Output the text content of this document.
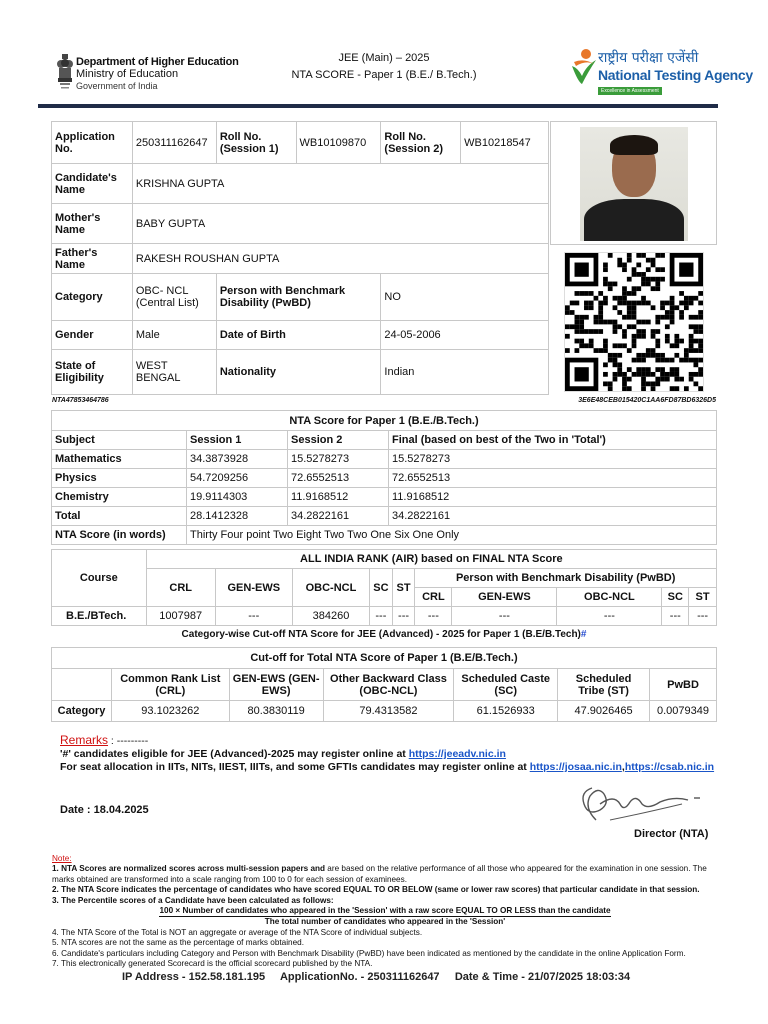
Department of Higher Education
Ministry of Education
Government of India
JEE (Main) – 2025
NTA SCORE - Paper 1 (B.E./ B.Tech.)
राष्ट्रीय परीक्षा एजेंसी
National Testing Agency
Excellence in Assessment
Application No.	250311162647	Roll No. (Session 1)	WB10109870	Roll No. (Session 2)	WB10218547
Candidate's Name	KRISHNA GUPTA				
Mother's Name	BABY GUPTA				
Father's Name	RAKESH ROUSHAN GUPTA				
Category	OBC- NCL (Central List)	Person with Benchmark Disability (PwBD)		NO	
Gender	Male	Date of Birth		24-05-2006	
State of Eligibility	WEST BENGAL	Nationality		Indian	
NTA47853464786	3E6E48CEB015420C1AA6FD87BD6326D5
NTA Score for Paper 1 (B.E./B.Tech.)			
Subject	Session 1	Session 2	Final (based on best of the Two in 'Total')
Mathematics	34.3873928	15.5278273	15.5278273
Physics	54.7209256	72.6552513	72.6552513
Chemistry	19.9114303	11.9168512	11.9168512
Total	28.1412328	34.2822161	34.2822161
NTA Score (in words)	Thirty Four point Two Eight Two Two One Six One Only		
Course	ALL INDIA RANK (AIR) based on FINAL NTA Score									
	CRL	GEN-EWS	OBC-NCL	SC	ST	Person with Benchmark Disability (PwBD)				
						CRL	GEN-EWS	OBC-NCL	SC	ST
B.E./BTech.	1007987	---	384260	---	---	---	---	---	---	---
Category-wise Cut-off NTA Score for JEE (Advanced) - 2025 for Paper 1 (B.E/B.Tech)#
Cut-off for Total NTA Score of Paper 1 (B.E/B.Tech.)						
	Common Rank List (CRL)	GEN-EWS (GEN-EWS)	Other Backward Class (OBC-NCL)	Scheduled Caste (SC)	Scheduled Tribe (ST)	PwBD
Category	93.1023262	80.3830119	79.4313582	61.1526933	47.9026465	0.0079349
Remarks : ---------
'#' candidates eligible for JEE (Advanced)-2025 may register online at https://jeeadv.nic.in
For seat allocation in IITs, NITs, IIEST, IIITs, and some GFTIs candidates may register online at https://josaa.nic.in,https://csab.nic.in
Date : 18.04.2025
Director (NTA)
Note:
1. NTA Scores are normalized scores across multi-session papers and are based on the relative performance of all those who appeared for the examination in one session. The marks obtained are transformed into a scale ranging from 100 to 0 for each session of examinees.
2. The NTA Score indicates the percentage of candidates who have scored EQUAL TO OR BELOW (same or lower raw scores) that particular candidate in that session.
3. The Percentile scores of a Candidate have been calculated as follows:
100 × Number of candidates who appeared in the 'Session' with a raw score EQUAL TO OR LESS than the candidate
The total number of candidates who appeared in the 'Session'
4. The NTA Score of the Total is NOT an aggregate or average of the NTA Score of individual subjects.
5. NTA scores are not the same as the percentage of marks obtained.
6. Candidate's particulars including Category and Person with Benchmark Disability (PwBD) have been indicated as mentioned by the candidate in the online Application Form.
7. This electronically generated Scorecard is the official scorecard published by the NTA.
IP Address - 152.58.181.195     ApplicationNo. - 250311162647     Date & Time - 21/07/2025 18:03:34
